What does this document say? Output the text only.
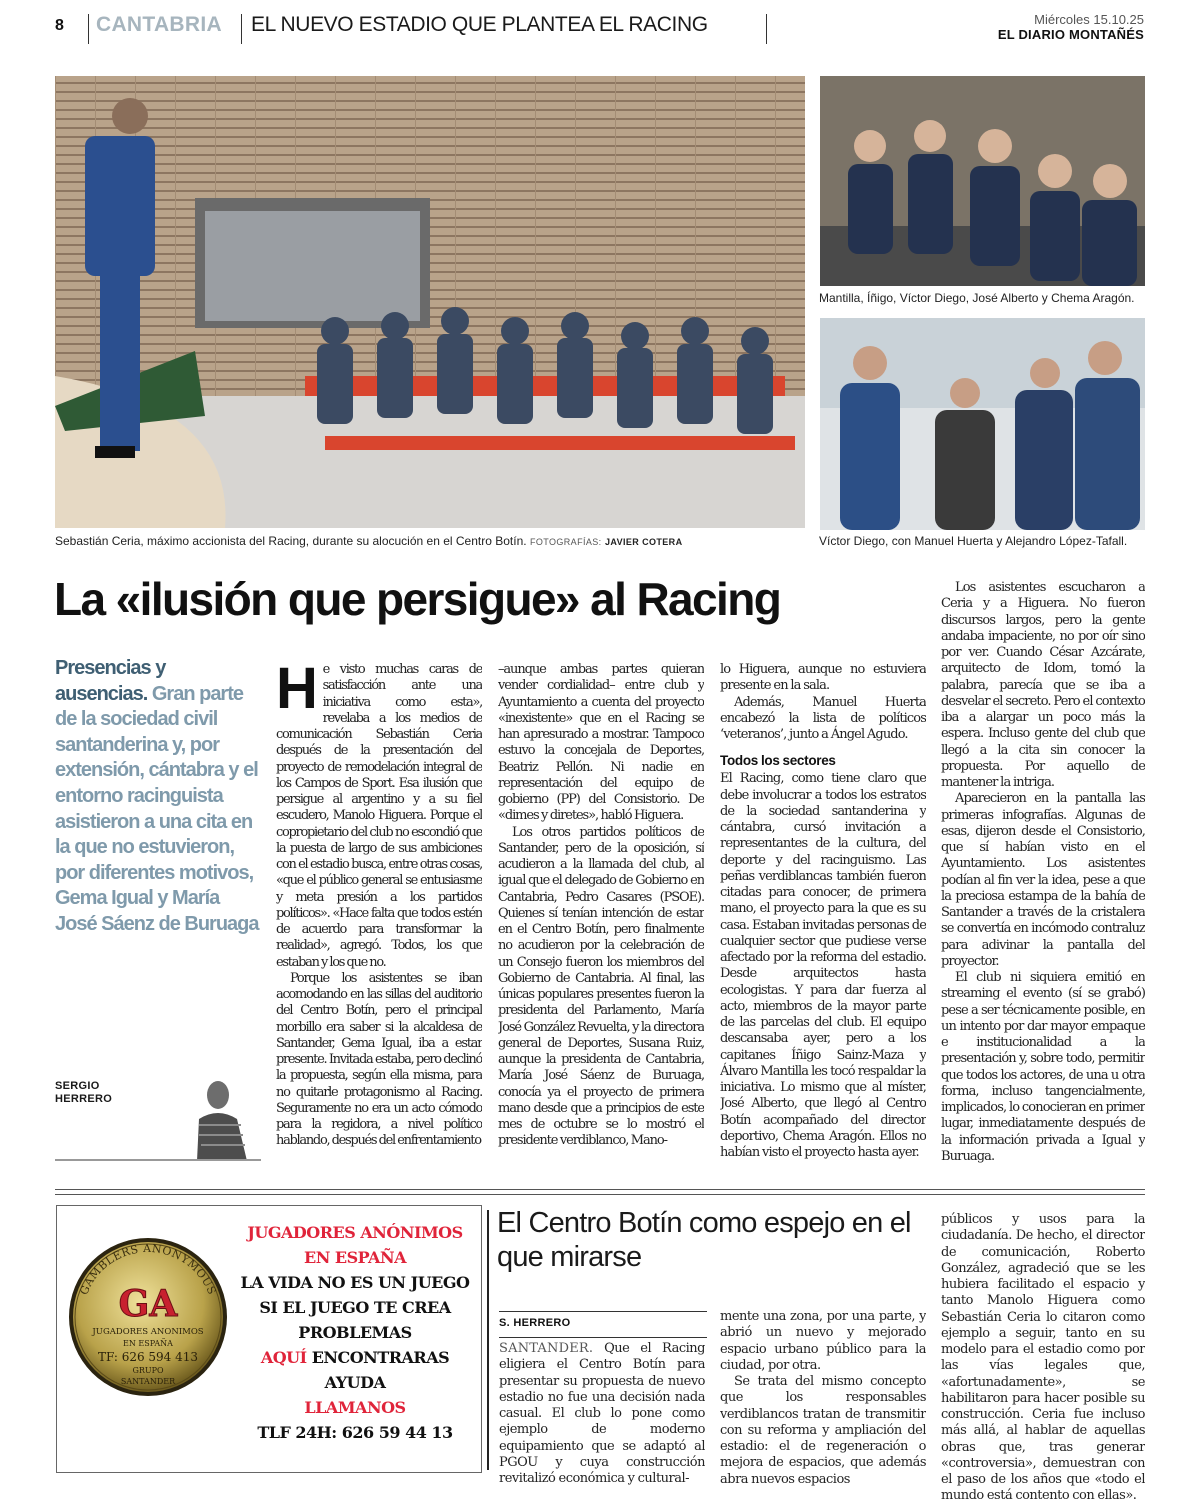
8 CANTABRIA EL NUEVO ESTADIO QUE PLANTEA EL RACING	Miércoles 15.10.25
EL DIARIO MONTAÑÉS
Mantilla, Íñigo, Víctor Diego, José Alberto y Chema Aragón.
Sebastián Ceria, máximo accionista del Racing, durante su alocución en el Centro Botín. FOTOGRAFÍAS: JAVIER COTERA	Víctor Diego, con Manuel Huerta y Alejandro López-Tafall.
La «ilusión que persigue» al Racing
Presencias y ausencias. Gran parte de la sociedad civil santanderina y, por extensión, cántabra y el entorno racinguista asistieron a una cita en la que no estuvieron, por diferentes motivos, Gema Igual y María José Sáenz de Buruaga
SERGIO
HERRERO

He visto muchas caras de satisfacción ante una iniciativa como esta», revelaba a los medios de comunicación Sebastián Ceria después de la presentación del proyecto de remodelación integral de los Campos de Sport. Esa ilusión que persigue al argentino y a su fiel escudero, Manolo Higuera. Porque el copropietario del club no escondió que la puesta de largo de sus ambiciones con el estadio busca, entre otras cosas, «que el público general se entusiasme y meta presión a los partidos políticos». «Hace falta que todos estén de acuerdo para transformar la realidad», agregó. Todos, los que estaban y los que no.

Porque los asistentes se iban acomodando en las sillas del auditorio del Centro Botín, pero el principal morbillo era saber si la alcaldesa de Santander, Gema Igual, iba a estar presente. Invitada estaba, pero declinó la propuesta, según ella misma, para no quitarle protagonismo al Racing. Seguramente no era un acto cómodo para la regidora, a nivel político hablando, después del enfrentamiento

–aunque ambas partes quieran vender cordialidad– entre club y Ayuntamiento a cuenta del proyecto «inexistente» que en el Racing se han apresurado a mostrar. Tampoco estuvo la concejala de Deportes, Beatriz Pellón. Ni nadie en representación del equipo de gobierno (PP) del Consistorio. De «dimes y diretes», habló Higuera.

Los otros partidos políticos de Santander, pero de la oposición, sí acudieron a la llamada del club, al igual que el delegado de Gobierno en Cantabria, Pedro Casares (PSOE). Quienes sí tenían intención de estar en el Centro Botín, pero finalmente no acudieron por la celebración de un Consejo fueron los miembros del Gobierno de Cantabria. Al final, las únicas populares presentes fueron la presidenta del Parlamento, María José González Revuelta, y la directora general de Deportes, Susana Ruiz, aunque la presidenta de Cantabria, María José Sáenz de Buruaga, conocía ya el proyecto de primera mano desde que a principios de este mes de octubre se lo mostró el presidente verdiblanco, Mano-

lo Higuera, aunque no estuviera presente en la sala.

Además, Manuel Huerta encabezó la lista de políticos ‘veteranos’, junto a Ángel Agudo.

Todos los sectores

El Racing, como tiene claro que debe involucrar a todos los estratos de la sociedad santanderina y cántabra, cursó invitación a representantes de la cultura, del deporte y del racinguismo. Las peñas verdiblancas también fueron citadas para conocer, de primera mano, el proyecto para la que es su casa. Estaban invitadas personas de cualquier sector que pudiese verse afectado por la reforma del estadio. Desde arquitectos hasta ecologistas. Y para dar fuerza al acto, miembros de la mayor parte de las parcelas del club. El equipo descansaba ayer, pero a los capitanes Íñigo Sainz-Maza y Álvaro Mantilla les tocó respaldar la iniciativa. Lo mismo que al míster, José Alberto, que llegó al Centro Botín acompañado del director deportivo, Chema Aragón. Ellos no habían visto el proyecto hasta ayer.

Los asistentes escucharon a Ceria y a Higuera. No fueron discursos largos, pero la gente andaba impaciente, no por oír sino por ver. Cuando César Azcárate, arquitecto de Idom, tomó la palabra, parecía que se iba a desvelar el secreto. Pero el contexto iba a alargar un poco más la espera. Incluso gente del club que llegó a la cita sin conocer la propuesta. Por aquello de mantener la intriga.

Aparecieron en la pantalla las primeras infografías. Algunas de esas, dijeron desde el Consistorio, que sí habían visto en el Ayuntamiento. Los asistentes podían al fin ver la idea, pese a que la preciosa estampa de la bahía de Santander a través de la cristalera se convertía en incómodo contraluz para adivinar la pantalla del proyector.

El club ni siquiera emitió en streaming el evento (sí se grabó) pese a ser técnicamente posible, en un intento por dar mayor empaque e institucionalidad a la presentación y, sobre todo, permitir que todos los actores, de una u otra forma, incluso tangencialmente, implicados, lo conocieran en primer lugar, inmediatamente después de la información privada a Igual y Buruaga.

GAMBLERS ANONYMOUS
GA
JUGADORES ANONIMOS
EN ESPAÑA
TF: 626 594 413
GRUPO
SANTANDER
JUGADORES ANÓNIMOS
EN ESPAÑA
LA VIDA NO ES UN JUEGO
SI EL JUEGO TE CREA
PROBLEMAS
AQUÍ ENCONTRARAS
AYUDA
LLAMANOS
TLF 24H: 626 59 44 13
El Centro Botín como espejo en el que mirarse
S. HERRERO

SANTANDER. Que el Racing eligiera el Centro Botín para presentar su propuesta de nuevo estadio no fue una decisión nada casual. El club lo pone como ejemplo de moderno equipamiento que se adaptó al PGOU y cuya construcción revitalizó económica y cultural-

mente una zona, por una parte, y abrió un nuevo y mejorado espacio urbano público para la ciudad, por otra.

Se trata del mismo concepto que los responsables verdiblancos tratan de transmitir con su reforma y ampliación del estadio: el de regeneración o mejora de espacios, que además abra nuevos espacios

públicos y usos para la ciudadanía. De hecho, el director de comunicación, Roberto González, agradeció que se les hubiera facilitado el espacio y tanto Manolo Higuera como Sebastián Ceria lo citaron como ejemplo a seguir, tanto en su modelo para el estadio como por las vías legales que, «afortunadamente», se habilitaron para hacer posible su construcción. Ceria fue incluso más allá, al hablar de aquellas obras que, tras generar «controversia», demuestran con el paso de los años que «todo el mundo está contento con ellas».
